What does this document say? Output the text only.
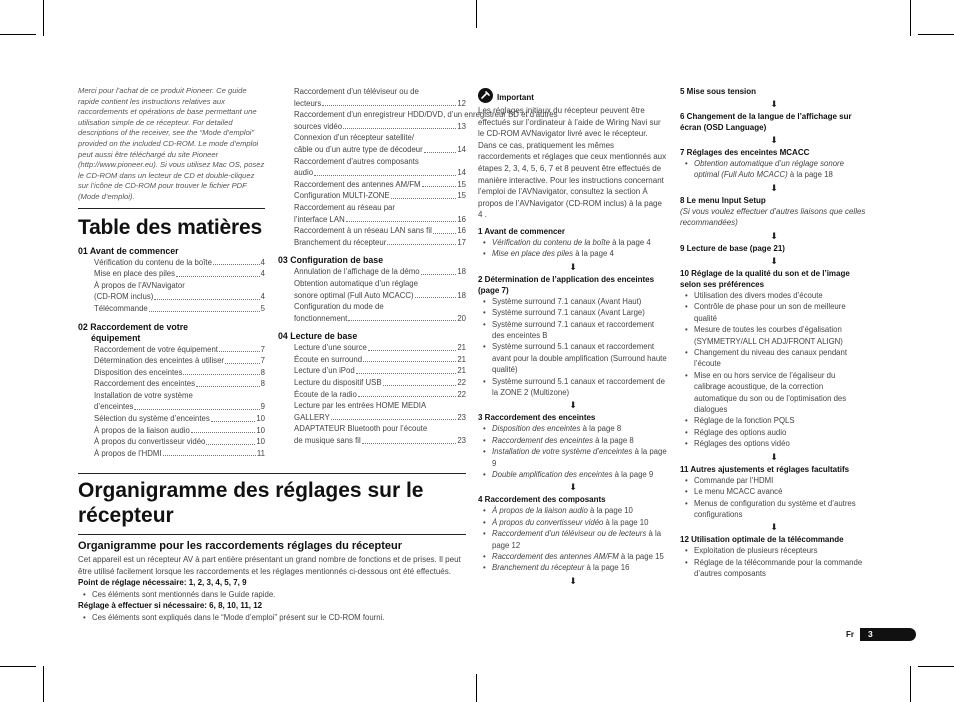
Merci pour l’achat de ce produit Pioneer. Ce guide rapide contient les instructions relatives aux raccordements et opérations de base permettant une utilisation simple de ce récepteur. For detailed descriptions of the receiver, see the “Mode d’emploi” provided on the included CD-ROM. Le mode d’emploi peut aussi être téléchargé du site Pioneer (http://www.pioneer.eu). Si vous utilisez Mac OS, posez le CD-ROM dans un lecteur de CD et double-cliquez sur l’icône de CD-ROM pour trouver le fichier PDF (Mode d’emploi).
Table des matières
01 Avant de commencer
Vérification du contenu de la boîte	4
Mise en place des piles	4
À propos de l’AVNavigator
(CD-ROM inclus)	4
Télécommande	5
02 Raccordement de votre
équipement
Raccordement de votre équipement	7
Détermination des enceintes à utiliser	7
Disposition des enceintes	8
Raccordement des enceintes	8
Installation de votre système
d’enceintes	9
Sélection du système d’enceintes	10
À propos de la liaison audio	10
À propos du convertisseur vidéo	10
À propos de l’HDMI	11
Raccordement d’un téléviseur ou de
lecteurs	12
Raccordement d’un enregistreur HDD/DVD, d’un enregistreur BD et d’autres
sources vidéo	13
Connexion d’un récepteur satellite/
câble ou d’un autre type de décodeur	14
Raccordement d’autres composants
audio	14
Raccordement des antennes AM/FM	15
Configuration MULTI-ZONE	15
Raccordement au réseau par
l’interface LAN	16
Raccordement à un réseau LAN sans fil	16
Branchement du récepteur	17
03 Configuration de base
Annulation de l’affichage de la démo	18
Obtention automatique d’un réglage
sonore optimal (Full Auto MCACC)	18
Configuration du mode de
fonctionnement	20
04 Lecture de base
Lecture d’une source	21
Écoute en surround	21
Lecture d’un iPod	21
Lecture du dispositif USB	22
Écoute de la radio	22
Lecture par les entrées HOME MEDIA
GALLERY	23
ADAPTATEUR Bluetooth pour l’écoute
de musique sans fil	23
Organigramme des réglages sur le récepteur
Organigramme pour les raccordements réglages du récepteur
Cet appareil est un récepteur AV à part entière présentant un grand nombre de fonctions et de prises. Il peut être utilisé facilement lorsque les raccordements et les réglages mentionnés ci-dessous ont été effectués.
Point de réglage nécessaire: 1, 2, 3, 4, 5, 7, 9
• Ces éléments sont mentionnés dans le Guide rapide.
Réglage à effectuer si nécessaire: 6, 8, 10, 11, 12
• Ces éléments sont expliqués dans le “Mode d’emploi” présent sur le CD-ROM fourni.
Important
Les réglages initiaux du récepteur peuvent être effectués sur l’ordinateur à l’aide de Wiring Navi sur le CD-ROM AVNavigator livré avec le récepteur. Dans ce cas, pratiquement les mêmes raccordements et réglages que ceux mentionnés aux étapes 2, 3, 4, 5, 6, 7 et 8 peuvent être effectués de manière interactive. Pour les instructions concernant l’emploi de l’AVNavigator, consultez la section À propos de l’AVNavigator (CD-ROM inclus) à la page 4 .
1 Avant de commencer
• Vérification du contenu de la boîte à la page 4
• Mise en place des piles à la page 4
⬇
2 Détermination de l’application des enceintes (page 7)
• Système surround 7.1 canaux (Avant Haut)
• Système surround 7.1 canaux (Avant Large)
• Système surround 7.1 canaux et raccordement des enceintes B
• Système surround 5.1 canaux et raccordement avant pour la double amplification (Surround haute qualité)
• Système surround 5.1 canaux et raccordement de la ZONE 2 (Multizone)
⬇
3 Raccordement des enceintes
• Disposition des enceintes à la page 8
• Raccordement des enceintes à la page 8
• Installation de votre système d’enceintes à la page 9
• Double amplification des enceintes à la page 9
⬇
4 Raccordement des composants
• À propos de la liaison audio à la page 10
• À propos du convertisseur vidéo à la page 10
• Raccordement d’un téléviseur ou de lecteurs à la page 12
• Raccordement des antennes AM/FM à la page 15
• Branchement du récepteur à la page 16
⬇
5 Mise sous tension
⬇
6 Changement de la langue de l’affichage sur écran (OSD Language)
⬇
7 Réglages des enceintes MCACC
• Obtention automatique d’un réglage sonore optimal (Full Auto MCACC) à la page 18
⬇
8 Le menu Input Setup
(Si vous voulez effectuer d’autres liaisons que celles recommandées)
⬇
9 Lecture de base (page 21)
⬇
10 Réglage de la qualité du son et de l’image selon ses préférences
• Utilisation des divers modes d’écoute
• Contrôle de phase pour un son de meilleure qualité
• Mesure de toutes les courbes d’égalisation (SYMMETRY/ALL CH ADJ/FRONT ALIGN)
• Changement du niveau des canaux pendant l’écoute
• Mise en ou hors service de l’égaliseur du calibrage acoustique, de la correction automatique du son ou de l’optimisation des dialogues
• Réglage de la fonction PQLS
• Réglage des options audio
• Réglages des options vidéo
⬇
11 Autres ajustements et réglages facultatifs
• Commande par l’HDMI
• Le menu MCACC avancé
• Menus de configuration du système et d’autres configurations
⬇
12 Utilisation optimale de la télécommande
• Exploitation de plusieurs récepteurs
• Réglage de la télécommande pour la commande d’autres composants
Fr	3
